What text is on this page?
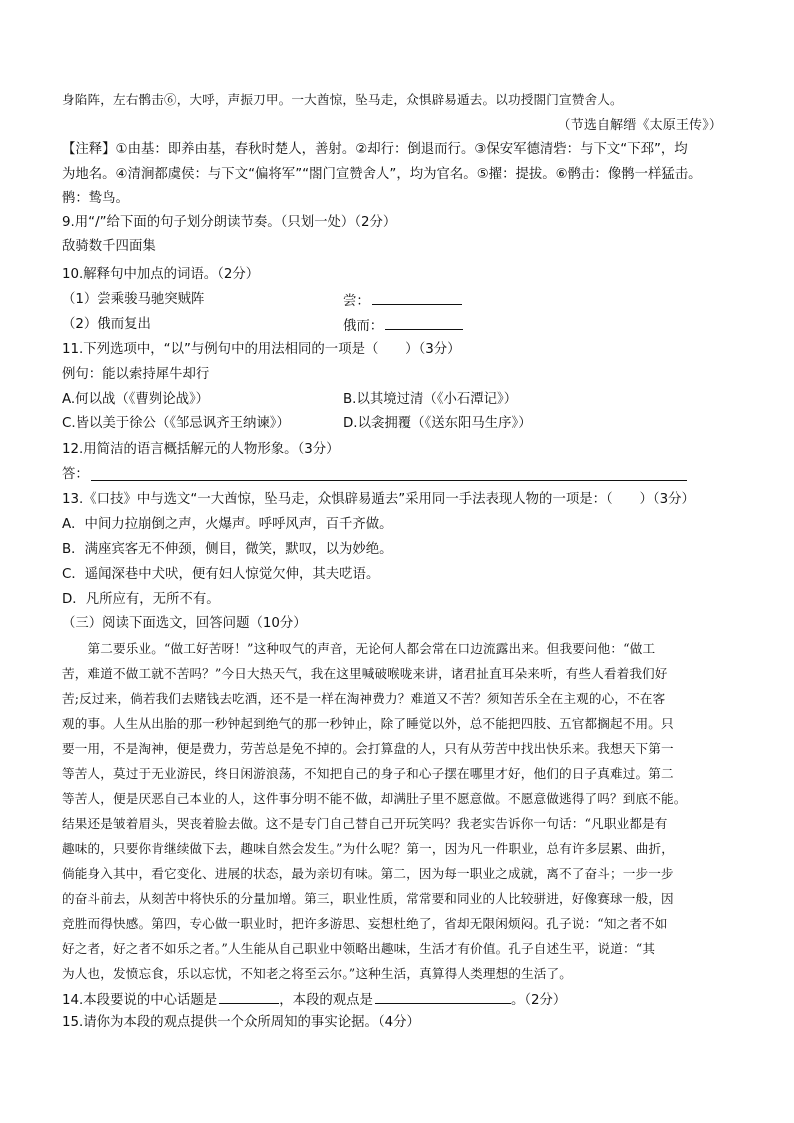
身陷阵，左右鹘击⑥，大呼，声振刀甲。一大酋惊，坠马走，众惧辟易遁去。以功授閤门宣赞舍人。
（节选自解缙《太原王传》）
【注释】①由基：即养由基，春秋时楚人，善射。②却行：倒退而行。③保安军德清砦：与下文“下邳”，均
为地名。④清涧都虞侯：与下文“偏将军”“閤门宣赞舍人”，均为官名。⑤擢：提拔。⑥鹘击：像鹘一样猛击。
鹘：鸷鸟。
9.用“/”给下面的句子划分朗读节奏。（只划一处）（2分）
敌骑数千四面集
10.解释句中加点的词语。（2分）
（1）尝乘骏马驰突贼阵	尝：
（2）俄而复出	俄而：
11.下列选项中，“以”与例句中的用法相同的一项是（　　）（3分）
例句：能以索持犀牛却行
A.何以战（《曹刿论战》）	B.以其境过清（《小石潭记》）
C.皆以美于徐公（《邹忌讽齐王纳谏》）	D.以衾拥覆（《送东阳马生序》）
12.用简洁的语言概括解元的人物形象。（3分）
答：
13.《口技》中与选文“一大酋惊，坠马走，众惧辟易遁去”采用同一手法表现人物的一项是：（　　）（3分）
A．中间力拉崩倒之声，火爆声。呼呼风声，百千齐做。
B．满座宾客无不伸颈，侧目，微笑，默叹，以为妙绝。
C．遥闻深巷中犬吠，便有妇人惊觉欠伸，其夫呓语。
D．凡所应有，无所不有。
（三）阅读下面选文，回答问题（10分）
　　第二要乐业。“做工好苦呀！”这种叹气的声音，无论何人都会常在口边流露出来。但我要问他：“做工
苦，难道不做工就不苦吗？”今日大热天气，我在这里喊破喉咙来讲，诸君扯直耳朵来听，有些人看着我们好
苦;反过来，倘若我们去赌钱去吃酒，还不是一样在淘神费力？难道又不苦？须知苦乐全在主观的心，不在客
观的事。人生从出胎的那一秒钟起到绝气的那一秒钟止，除了睡觉以外，总不能把四肢、五官都搁起不用。只
要一用，不是淘神，便是费力，劳苦总是免不掉的。会打算盘的人，只有从劳苦中找出快乐来。我想天下第一
等苦人，莫过于无业游民，终日闲游浪荡，不知把自己的身子和心子摆在哪里才好，他们的日子真难过。第二
等苦人，便是厌恶自己本业的人，这件事分明不能不做，却满肚子里不愿意做。不愿意做逃得了吗？到底不能。
结果还是皱着眉头，哭丧着脸去做。这不是专门自己替自己开玩笑吗？我老实告诉你一句话：“凡职业都是有
趣味的，只要你肯继续做下去，趣味自然会发生。”为什么呢？第一，因为凡一件职业，总有许多层累、曲折，
倘能身入其中，看它变化、进展的状态，最为亲切有味。第二，因为每一职业之成就，离不了奋斗；一步一步
的奋斗前去，从刻苦中将快乐的分量加增。第三，职业性质，常常要和同业的人比较骈进，好像赛球一般，因
竞胜而得快感。第四，专心做一职业时，把许多游思、妄想杜绝了，省却无限闲烦闷。孔子说：“知之者不如
好之者，好之者不如乐之者。”人生能从自己职业中领略出趣味，生活才有价值。孔子自述生平，说道：“其
为人也，发愤忘食，乐以忘忧，不知老之将至云尔。”这种生活，真算得人类理想的生活了。
14.本段要说的中心话题是	，本段的观点是	。（2分）
15.请你为本段的观点提供一个众所周知的事实论据。（4分）
